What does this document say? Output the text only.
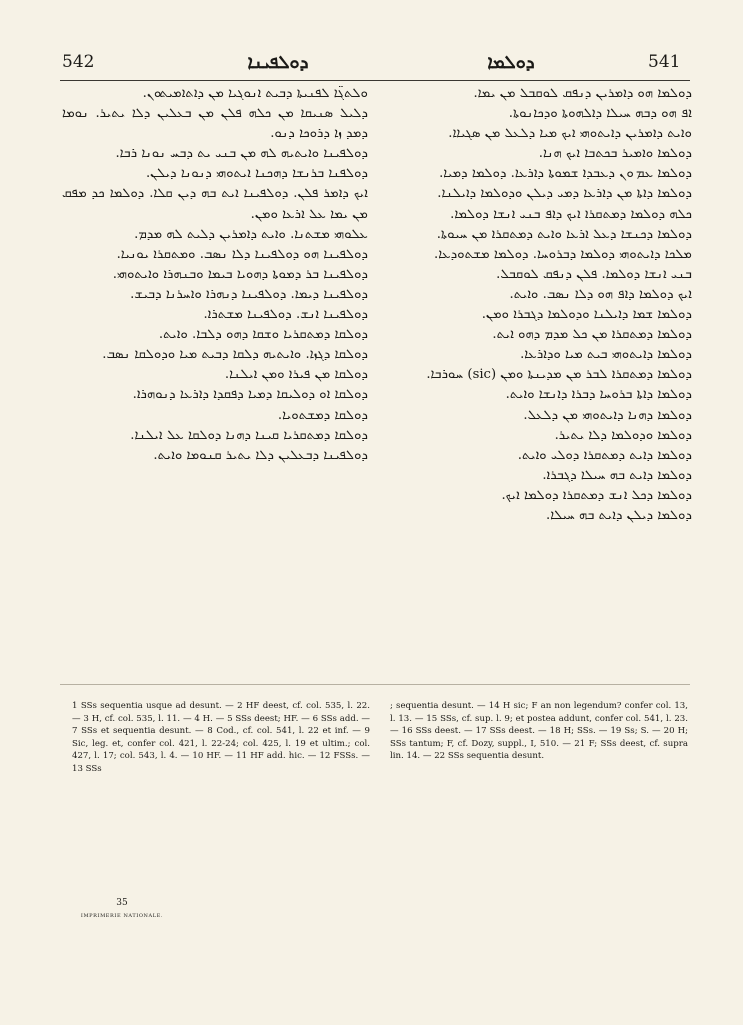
542	ܕܘܠܦܝܢܐ	ܕܘܠܡܐ	541

ܘܠܬܓ̈ܐ ܠܦܢܝܬܐ ܕܒܝܬ ܐܢܘܓܝܐ ܡܢ ܕܐܬܐܡܝܬܘܢ.
ܕܠܝܠ ܣܢܝܩܐ ܡܢ ܟܠܗ ܦܠܢ ܡܢ ܒܥܠܝܢ ܕܠܐ ܝܬܝܪ. ܢܘܡܐ ܕܡܕ ܙܐ ܕܪܘܟܐ ܕܢܘ.
ܕܘܠܦܝܢܐ ܘܐܝܬܝܗ ܠܗ ܡܢ ܒܢܝ ܝܬ ܕܒܚ ܢܘܢܐ ܪܒܐ.
ܕܘܠܦܢܐ ܒܪܢܫܐ ܕܗܟܢܐ ܐܝܬܘܗܝ ܕܢܘܢܐ ܕܝܠܢ.
ܐܝܟ ܕܐܡܪ ܦܠܢ. ܕܘܠܦܝܢܐ ܐܝܬ ܒܗ ܕܝܢ ܩܠܐ. ܕܘܠܡܐ ܟܕ ܡܦܩ ܡܢ ܝܡܐ ܥܠ ܐܪܥܐ ܘܡܢ.
ܥܠܘܗܝ ܡܫܬܢܐ. ܘܐܝܬ ܕܐܡܪܝܢ ܕܠܝܬ ܠܗ ܡܕܡ.
ܕܘܠܦܝܢܐ ܗܘ ܕܘܠܦܝܢܐ ܕܠܐ ܢܣܒ. ܘܡܬܩܪܐ ܝܘܢܝܐ.
ܕܘܠܦܝܢܐ ܒܪ ܕܡܘܬܐ ܕܗܘܝܐ ܒܝܡܐ ܘܒܢܗܪܐ ܘܐܝܬܘܗܝ.
ܕܘܠܦܝܢܐ ܕܝܡܐ. ܕܘܠܦܝܢܐ ܕܢܗܪܐ ܘܐܚܪܢܐ ܕܒܝܫ.
ܕܘܠܦܝܢܐ ܐܢܫ. ܕܘܠܦܝܢܐ ܡܫܬܪܐ.
ܕܘܠܩܐ ܕܡܬܩܪܝܐ ܘܫܩܐ ܕܗܘ ܕܠܒܐ. ܘܐܝܬ.
ܕܘܠܩܐ ܕܓܙܐ. ܘܐܝܬܝܗ ܕܠܩܐ ܕܒܝܬ ܡܝܐ ܘܕܘܠܩܐ ܢܣܒ.
ܕܘܠܩܐ ܡܢ ܦܝܪܐ ܘܡܢ ܐܝܠܢܐ.
ܕܘܠܩܐ ܐܘ ܕܘܠܝܩܐ ܕܡܝܐ ܕܦܩܕܐ ܕܐܪܥܐ ܕܢܘܗܪܐ.
ܕܘܠܩܐ ܕܡܫܬܘܝܐ.
ܕܘܠܩܐ ܕܡܬܩܪܝܐ ܩܝܢܐ ܕܗܢܐ ܕܘܠܩܐ ܥܠ ܐܝܠܢܐ.
ܕܘܠܦܝܢܐ ܕܒܥܠܝܢ ܕܠܐ ܝܬܝܪ ܩܢܘܡܐ ܘܐܝܬ.

ܕܘܠܡܐ ܗܘ ܕܐܡܪܝܢ ܕܢܦܩ ܠܘܩܒܠ ܡܢ ܝܡܐ.
ܐܦ ܗܘ ܕܒܗ ܚܝܠܐ ܕܐܠܗܘܬܐ ܘܕܟܐܢܘܬܐ.
ܘܐܝܬ ܕܐܡܪܝܢ ܕܐܝܬܘܗܝ ܐܝܟ ܡܝܐ ܕܠܥܠ ܡܢ ܣܓܝܐܐ.
ܕܘܠܡܐ ܘܐܡܝܪ ܒܟܬܒܐ ܐܝܟ ܗܢܐ.
ܕܘܠܡܐ ܥܡ ܘܢ ܕܥܒܕܐ ܫܡܘܬܐ ܕܐܪܥܐ. ܕܘܠܡܐ ܕܡܝܐ.
ܕܘܠܡܐ ܕܐܬܐ ܡܢ ܕܐܪܥܐ ܕܡܝ ܕܝܠܢ ܘܕܘܠܡܐ ܕܐܝܠܢܐ.
ܟܠܗ ܕܘܠܡܐ ܕܡܬܩܪܐ ܐܝܟ ܕܐܦ ܒܢܝ ܐܢܫܐ ܕܘܠܡܐ.
ܕܘܠܡܐ ܕܟܢܫܐ ܕܥܠ ܐܪܥܐ ܘܐܝܬ ܕܡܬܩܪܐ ܡܢ ܚܝܘܬܐ.
ܡܠܟܐ ܕܐܝܬܘܗܝ ܕܘܠܡܐ ܕܒܪܘܚܐ. ܕܘܠܡܐ ܡܫܬܘܕܥܐ.
ܒܢܝ ܐܢܫܐ ܕܘܠܡܐ. ܦܠܢ ܕܢܦܩ ܠܘܩܒܠ.
ܐܝܟ ܕܘܠܡܐ ܕܐܦ ܗܘ ܕܠܐ ܢܣܒ. ܘܐܝܬ.
ܕܘܠܡܐ ܫܡܐ ܕܐܝܠܢܐ ܘܕܘܠܡܐ ܕܓܒܪܐ ܘܡܢ.
ܕܘܠܡܐ ܕܡܬܩܪܐ ܡܢ ܟܠ ܡܕܡ ܕܗܘ ܐܝܬ.
ܕܘܠܡܐ ܕܐܝܬܘܗܝ ܒܝܬ ܡܝܐ ܘܕܐܪܥܐ.
ܕܘܠܡܐ ܕܡܬܩܪܐ ܠܒܪ ܡܢ ܡܕܝܢܬܐ ܘܡܢ (sic) ܚܘܪܒܐ.
ܕܘܠܡܐ ܕܐܬܐ ܒܪܘܚܐ ܕܒܪܐ ܕܐܢܫܐ ܘܐܝܬ.
ܕܘܠܡܐ ܕܗܢܐ ܕܐܝܬܘܗܝ ܡܢ ܕܠܥܠ.
ܕܘܠܡܐ ܘܕܘܠܡܐ ܕܠܐ ܝܬܝܪ.
ܕܘܠܡܐ ܕܐܝܬ ܕܡܬܩܪܐ ܕܘܠܝ ܘܐܝܬ.
ܕܘܠܡܐ ܕܐܝܬ ܒܗ ܚܝܠܐ ܕܓܒܪܐ.
ܕܘܠܡܐ ܕܟܠ ܐܢܫ ܕܡܬܩܪܐ ܕܘܠܡܐ ܐܝܟ.
ܕܘܠܡܐ ܕܝܠܢ ܕܐܝܬ ܒܗ ܚܝܠܐ.

1 SSs sequentia usque ad desunt. — 2 HF deest, cf. col. 535, l. 22. — 3 H, cf. col. 535, l. 11. — 4 H. — 5 SSs deest; HF. — 6 SSs add. — 7 SSs et sequentia desunt. — 8 Cod., cf. col. 541, l. 22 et inf. — 9 Sic, leg. et, confer col. 421, l. 22-24; col. 425, l. 19 et ultim.; col. 427, l. 17; col. 543, l. 4. — 10 HF. — 11 HF add. hic. — 12 FSSs. — 13 SSs
; sequentia desunt. — 14 H sic; F an non legendum? confer col. 13, l. 13. — 15 SSs, cf. sup. l. 9; et postea addunt, confer col. 541, l. 23. — 16 SSs deest. — 17 SSs deest. — 18 H; SSs. — 19 Ss; S. — 20 H; SSs tantum; F, cf. Dozy, suppl., I, 510. — 21 F; SSs deest, cf. supra lin. 14. — 22 SSs sequentia desunt.
35
IMPRIMERIE NATIONALE.
